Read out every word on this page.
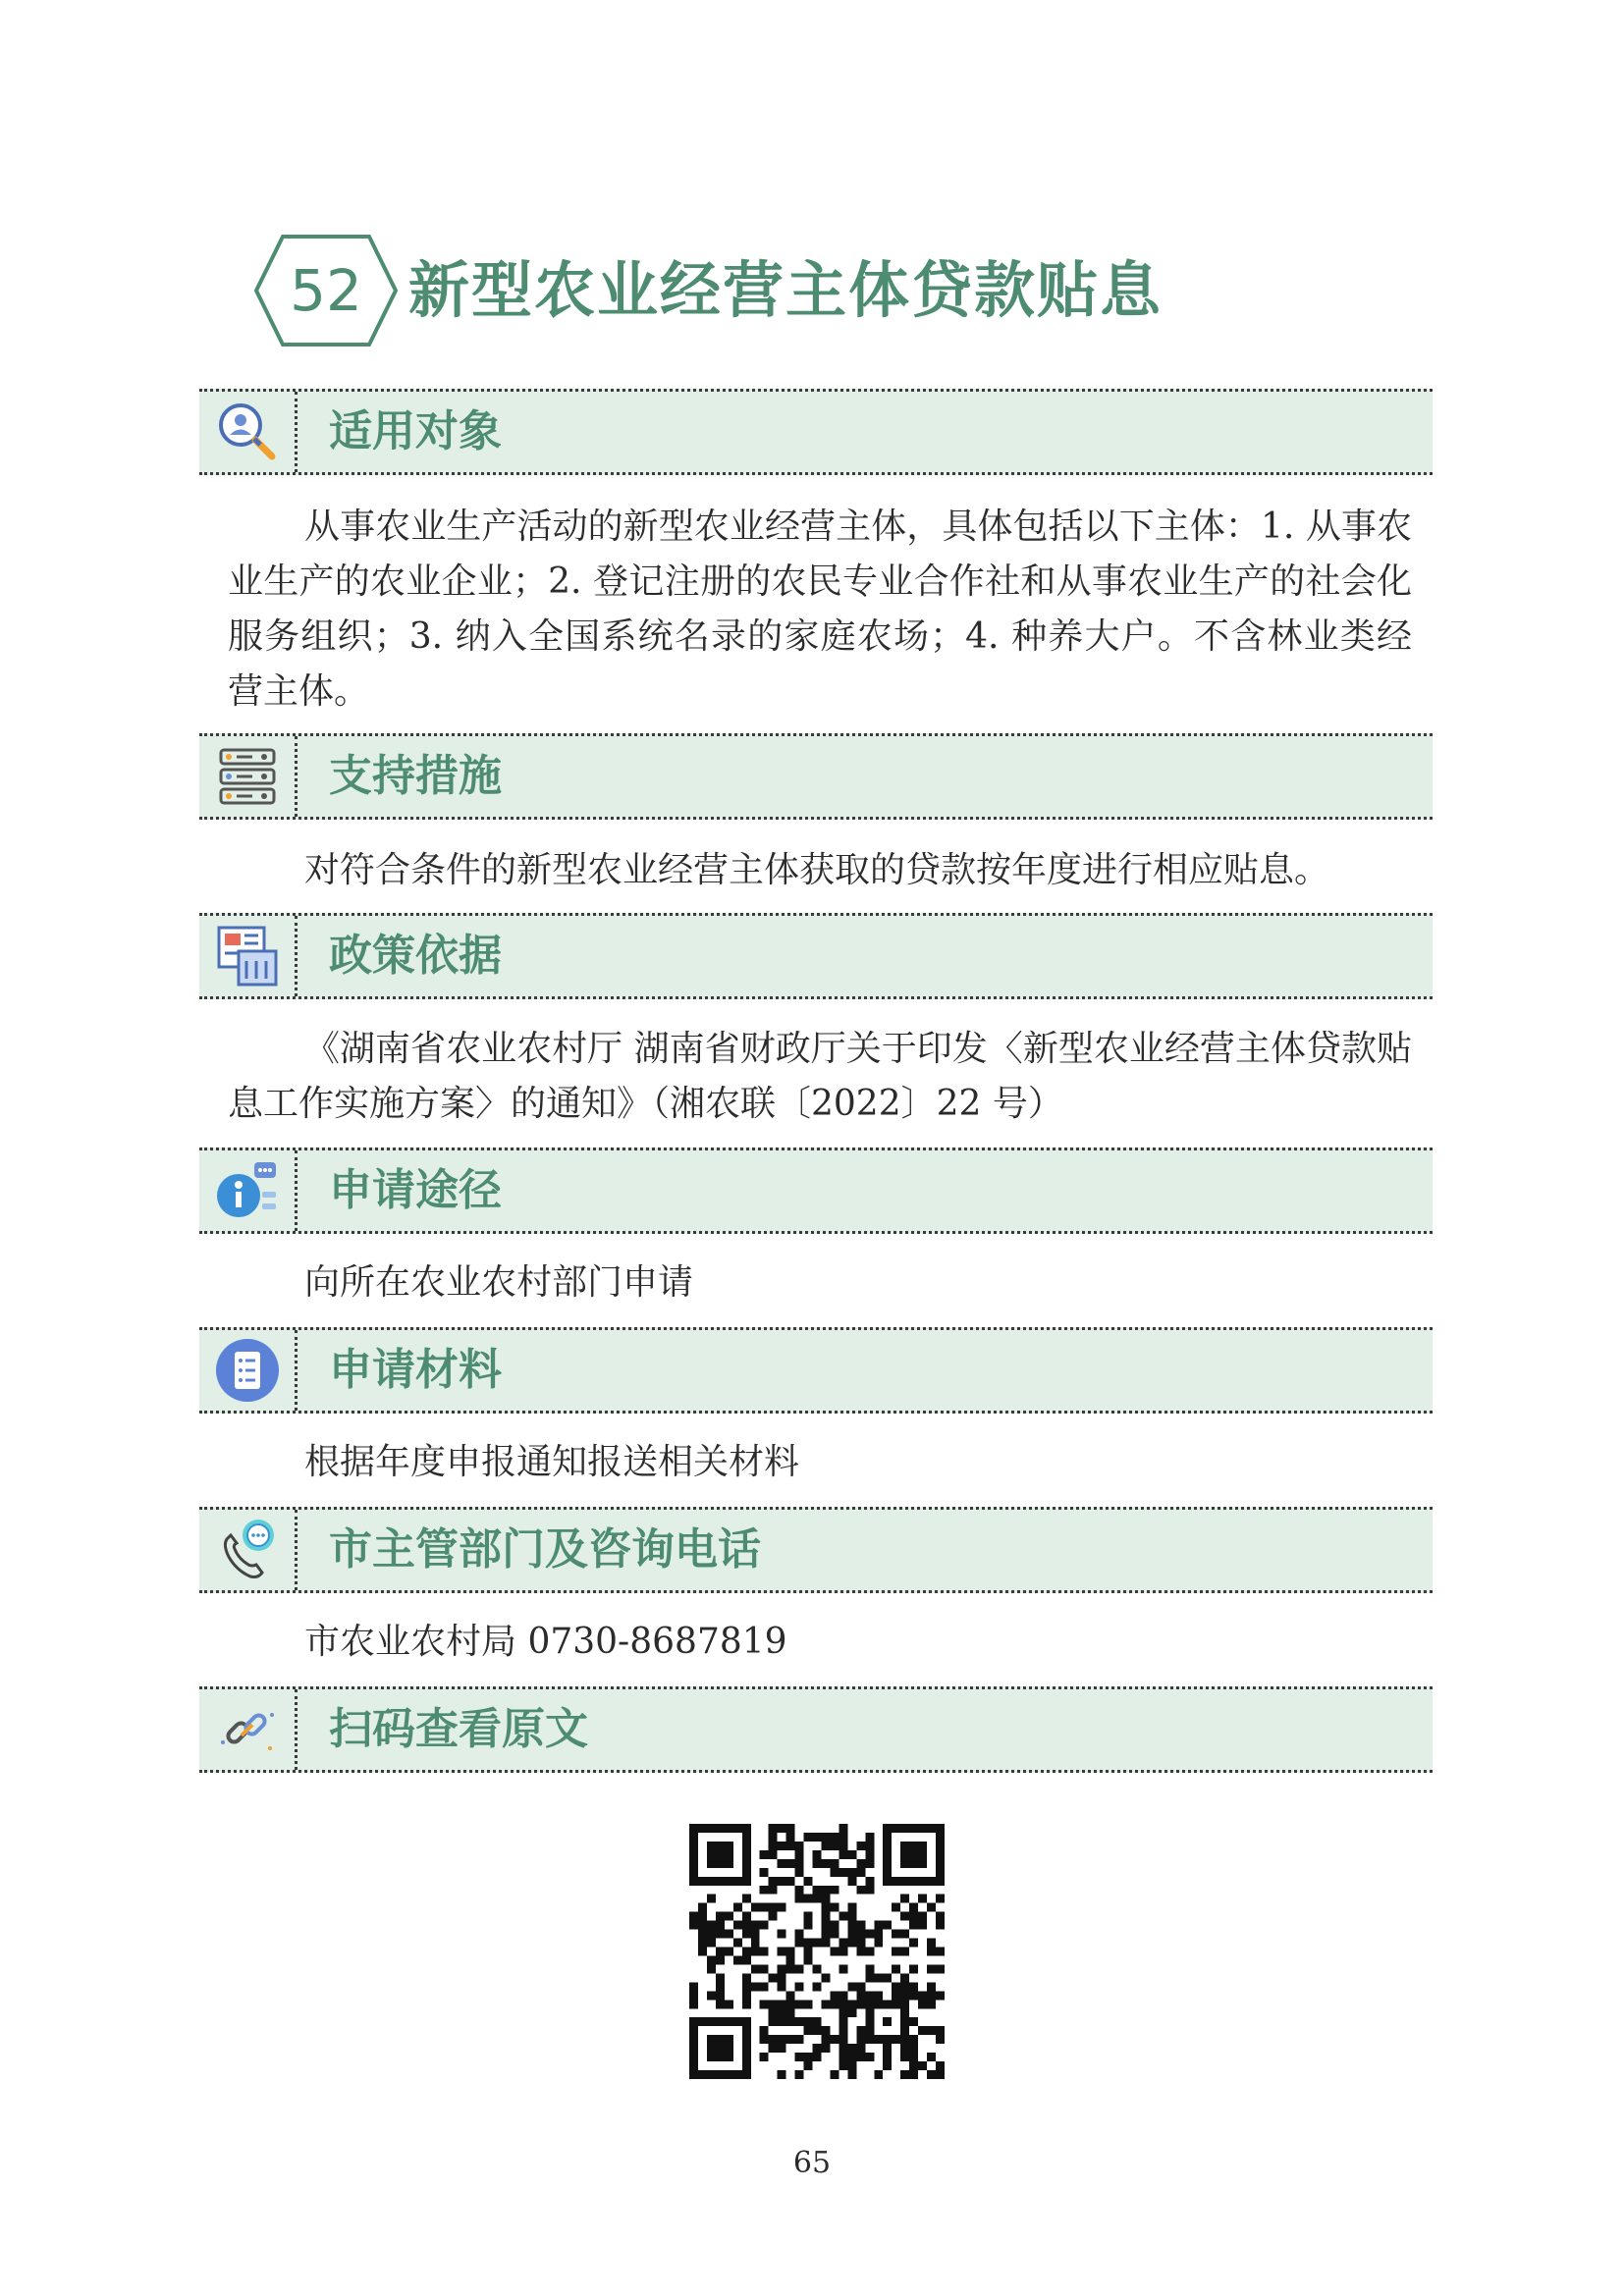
52 新型农业经营主体贷款贴息
适用对象

从事农业生产活动的新型农业经营主体，具体包括以下主体：1. 从事农业生产的农业企业；2. 登记注册的农民专业合作社和从事农业生产的社会化服务组织；3. 纳入全国系统名录的家庭农场；4. 种养大户。不含林业类经营主体。

支持措施

对符合条件的新型农业经营主体获取的贷款按年度进行相应贴息。

政策依据

《湖南省农业农村厅 湖南省财政厅关于印发〈新型农业经营主体贷款贴息工作实施方案〉的通知》（湘农联〔2022〕22 号）

申请途径

向所在农业农村部门申请

申请材料

根据年度申报通知报送相关材料

市主管部门及咨询电话

市农业农村局 0730-8687819

扫码查看原文
65
